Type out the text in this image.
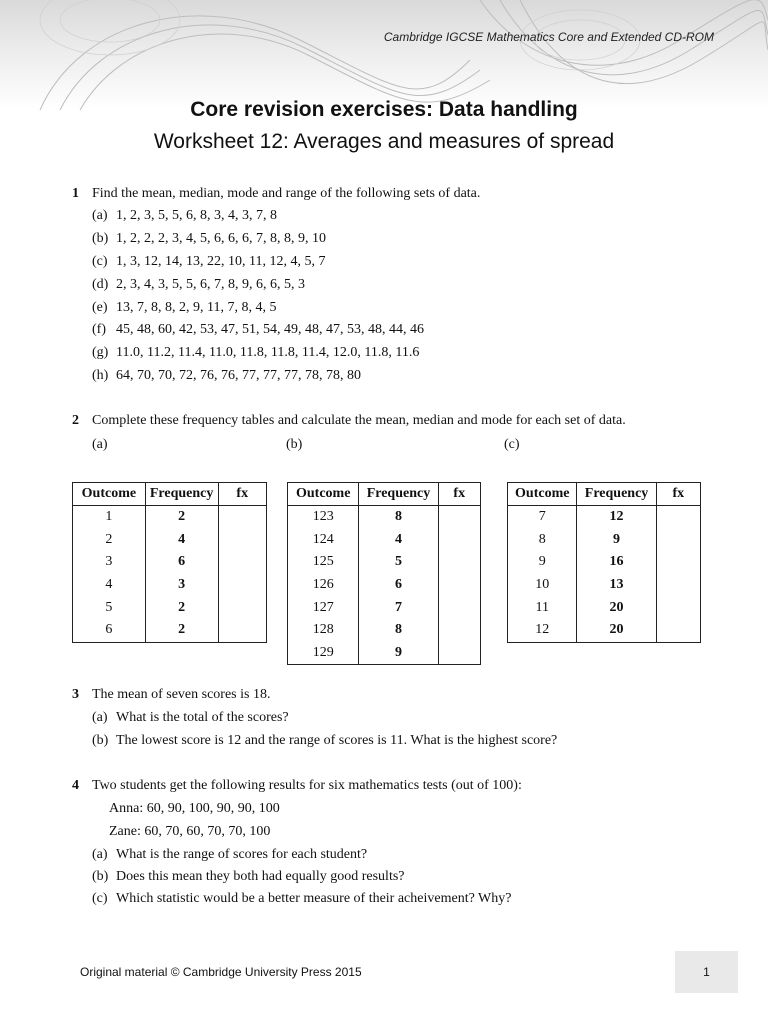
Cambridge IGCSE Mathematics Core and Extended CD-ROM
Core revision exercises: Data handling
Worksheet 12: Averages and measures of spread
1 Find the mean, median, mode and range of the following sets of data.
(a) 1, 2, 3, 5, 5, 6, 8, 3, 4, 3, 7, 8
(b) 1, 2, 2, 2, 3, 4, 5, 6, 6, 6, 7, 8, 8, 9, 10
(c) 1, 3, 12, 14, 13, 22, 10, 11, 12, 4, 5, 7
(d) 2, 3, 4, 3, 5, 5, 6, 7, 8, 9, 6, 6, 5, 3
(e) 13, 7, 8, 8, 2, 9, 11, 7, 8, 4, 5
(f) 45, 48, 60, 42, 53, 47, 51, 54, 49, 48, 47, 53, 48, 44, 46
(g) 11.0, 11.2, 11.4, 11.0, 11.8, 11.8, 11.4, 12.0, 11.8, 11.6
(h) 64, 70, 70, 72, 76, 76, 77, 77, 77, 78, 78, 80
2 Complete these frequency tables and calculate the mean, median and mode for each set of data.
(a)	(b)	(c)
Outcome	Frequency	fx
1	2	
2	4	
3	6	
4	3	
5	2	
6	2	
Outcome	Frequency	fx
123	8	
124	4	
125	5	
126	6	
127	7	
128	8	
129	9	
Outcome	Frequency	fx
7	12	
8	9	
9	16	
10	13	
11	20	
12	20	
3 The mean of seven scores is 18.
(a) What is the total of the scores?
(b) The lowest score is 12 and the range of scores is 11. What is the highest score?
4 Two students get the following results for six mathematics tests (out of 100):
Anna: 60, 90, 100, 90, 90, 100
Zane: 60, 70, 60, 70, 70, 100
(a) What is the range of scores for each student?
(b) Does this mean they both had equally good results?
(c) Which statistic would be a better measure of their acheivement? Why?
Original material © Cambridge University Press 2015	1
